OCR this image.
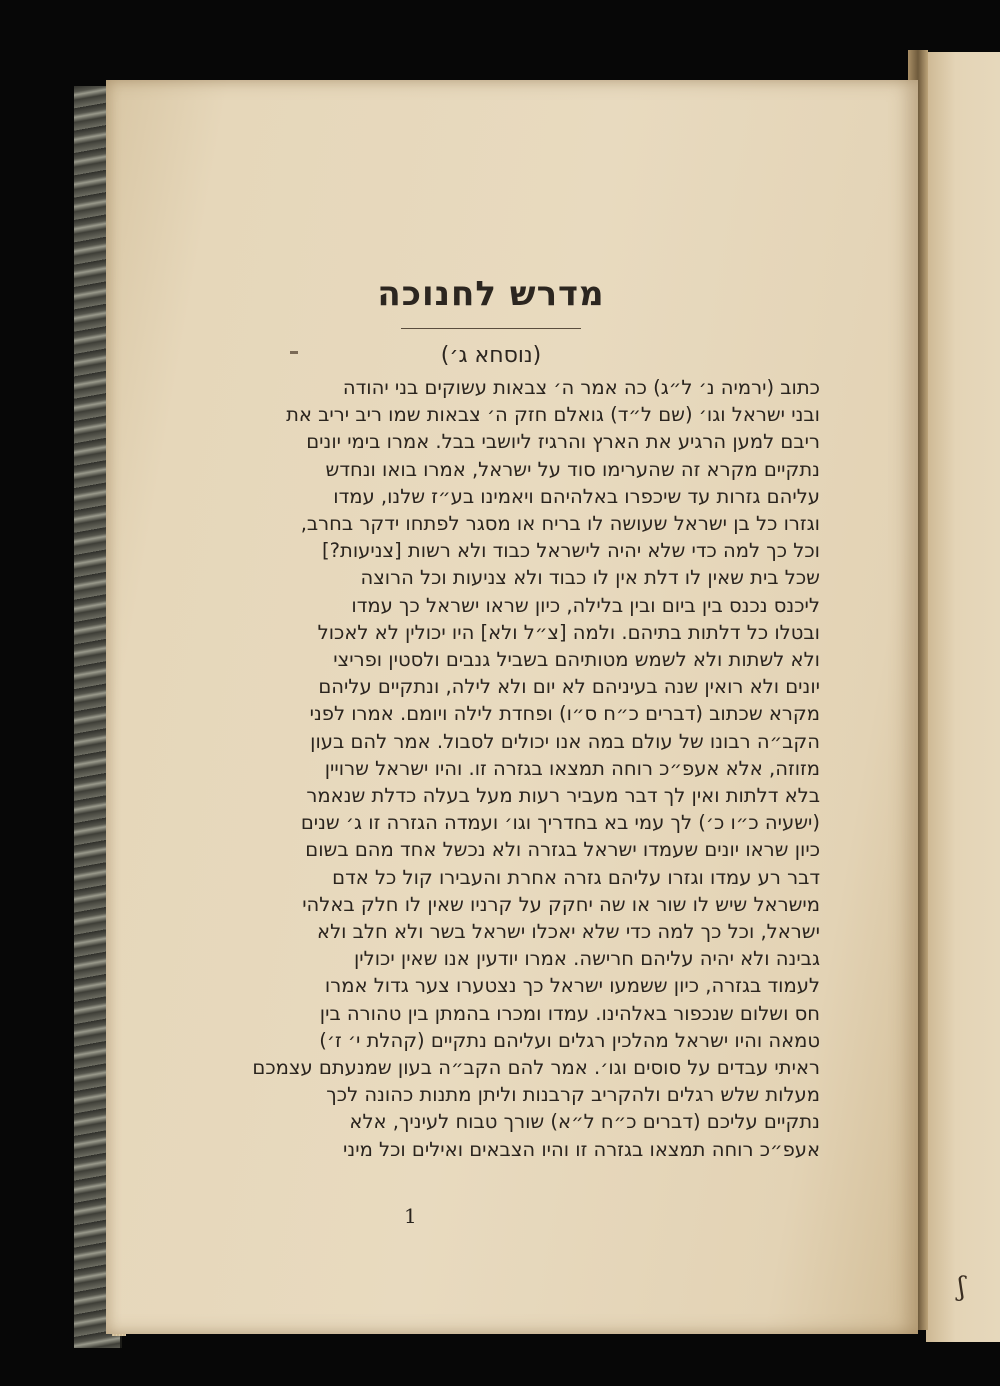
ʃ
מדרש לחנוכה
(נוסחא ג׳)
כתוב (ירמיה נ׳ ל״ג) כה אמר ה׳ צבאות עשוקים בני יהודה
ובני ישראל וגו׳ (שם ל״ד) גואלם חזק ה׳ צבאות שמו ריב יריב את
ריבם למען הרגיע את הארץ והרגיז ליושבי בבל. אמרו בימי יונים
נתקיים מקרא זה שהערימו סוד על ישראל, אמרו בואו ונחדש
עליהם גזרות עד שיכפרו באלהיהם ויאמינו בע״ז שלנו, עמדו
וגזרו כל בן ישראל שעושה לו בריח או מסגר לפתחו ידקר בחרב,
וכל כך למה כדי שלא יהיה לישראל כבוד ולא רשות [צניעות?]
שכל בית שאין לו דלת אין לו כבוד ולא צניעות וכל הרוצה
ליכנס נכנס בין ביום ובין בלילה, כיון שראו ישראל כך עמדו
ובטלו כל דלתות בתיהם. ולמה [צ״ל ולא] היו יכולין לא לאכול
ולא לשתות ולא לשמש מטותיהם בשביל גנבים ולסטין ופריצי
יונים ולא רואין שנה בעיניהם לא יום ולא לילה, ונתקיים עליהם
מקרא שכתוב (דברים כ״ח ס״ו) ופחדת לילה ויומם. אמרו לפני
הקב״ה רבונו של עולם במה אנו יכולים לסבול. אמר להם בעון
מזוזה, אלא אעפ״כ רוחה תמצאו בגזרה זו. והיו ישראל שרויין
בלא דלתות ואין לך דבר מעביר רעות מעל בעלה כדלת שנאמר
(ישעיה כ״ו כ׳) לך עמי בא בחדריך וגו׳ ועמדה הגזרה זו ג׳ שנים
כיון שראו יונים שעמדו ישראל בגזרה ולא נכשל אחד מהם בשום
דבר רע עמדו וגזרו עליהם גזרה אחרת והעבירו קול כל אדם
מישראל שיש לו שור או שה יחקק על קרניו שאין לו חלק באלהי
ישראל, וכל כך למה כדי שלא יאכלו ישראל בשר ולא חלב ולא
גבינה ולא יהיה עליהם חרישה. אמרו יודעין אנו שאין יכולין
לעמוד בגזרה, כיון ששמעו ישראל כך נצטערו צער גדול אמרו
חס ושלום שנכפור באלהינו. עמדו ומכרו בהמתן בין טהורה בין
טמאה והיו ישראל מהלכין רגלים ועליהם נתקיים (קהלת י׳ ז׳)
ראיתי עבדים על סוסים וגו׳. אמר להם הקב״ה בעון שמנעתם עצמכם
מעלות שלש רגלים ולהקריב קרבנות וליתן מתנות כהונה לכך
נתקיים עליכם (דברים כ״ח ל״א) שורך טבוח לעיניך, אלא
אעפ״כ רוחה תמצאו בגזרה זו והיו הצבאים ואילים וכל מיני
1
